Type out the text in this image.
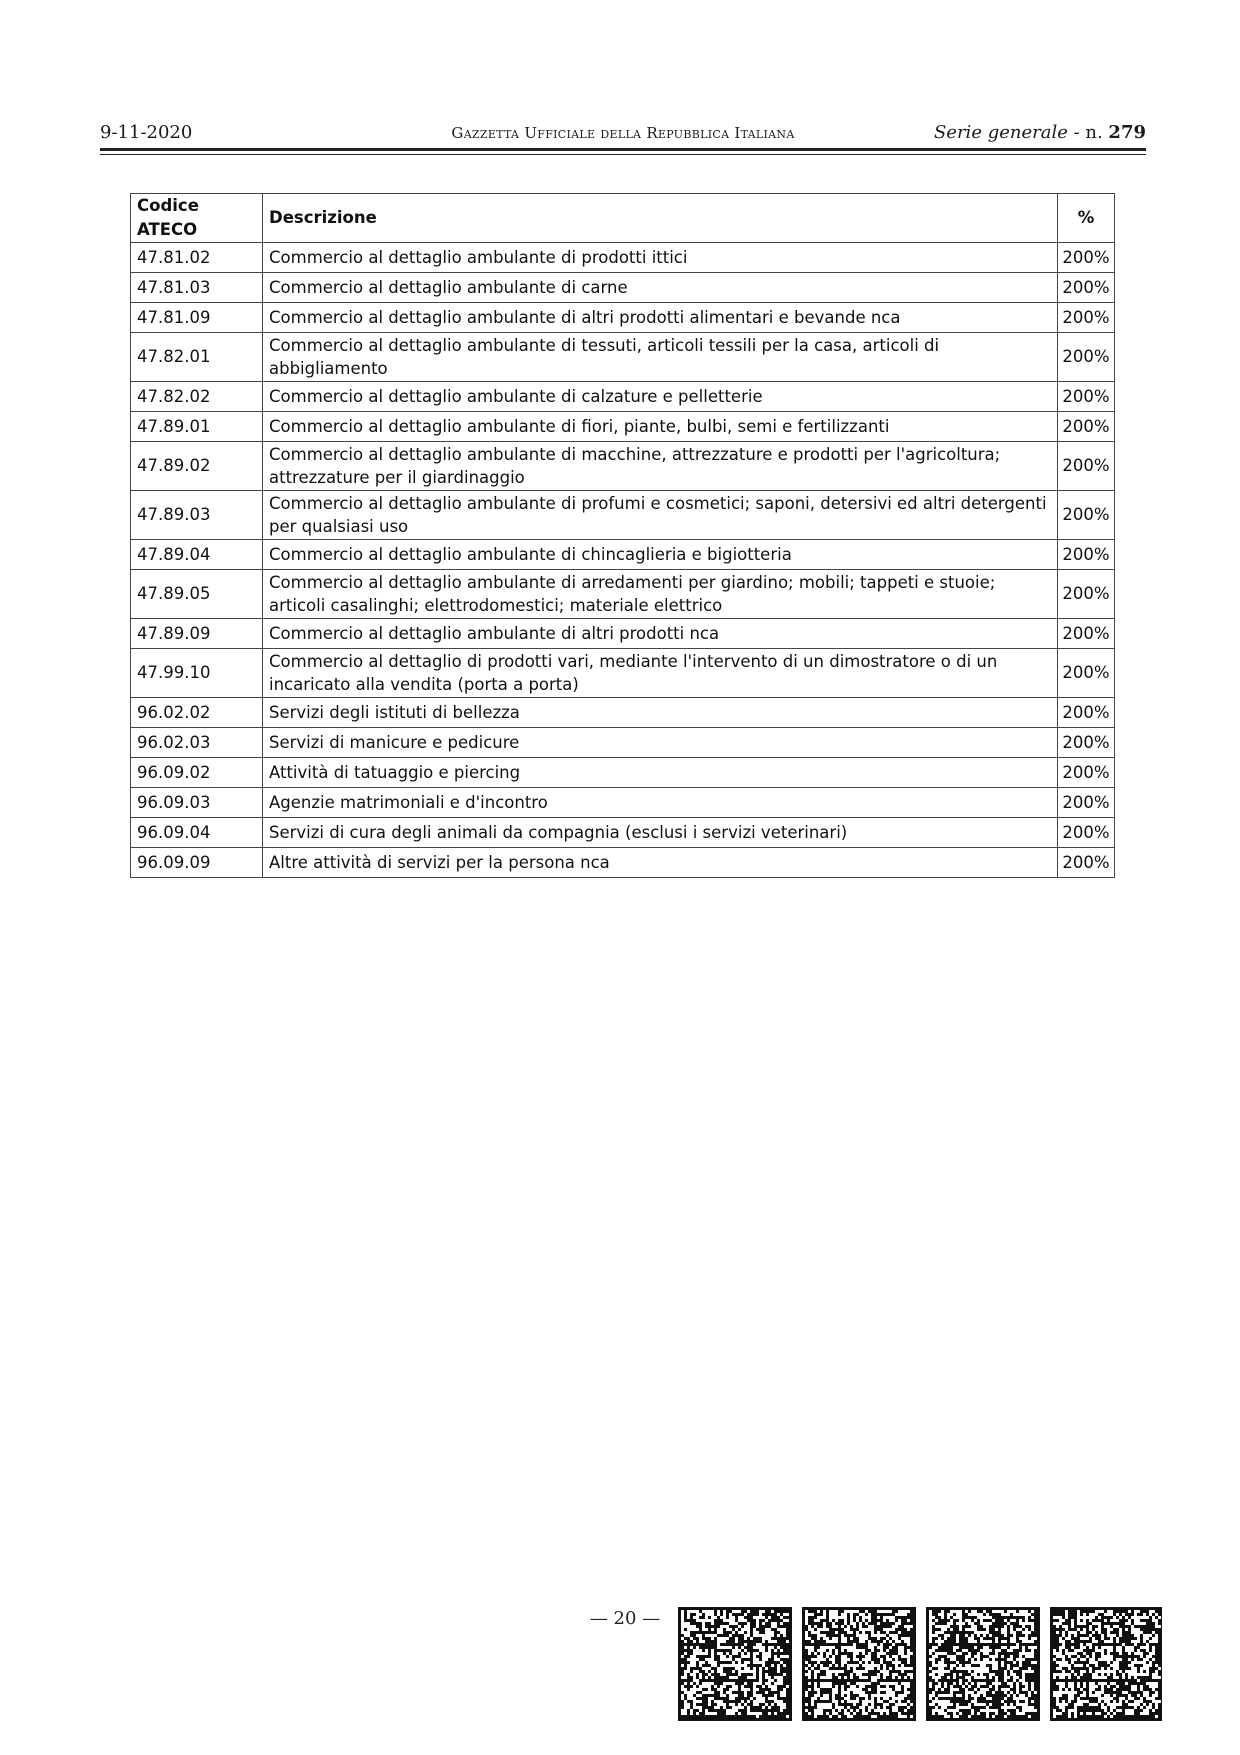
9-11-2020	Gazzetta Ufficiale della Repubblica Italiana	Serie generale - n. 279
Codice ATECO	Descrizione	%
47.81.02	Commercio al dettaglio ambulante di prodotti ittici	200%
47.81.03	Commercio al dettaglio ambulante di carne	200%
47.81.09	Commercio al dettaglio ambulante di altri prodotti alimentari e bevande nca	200%
47.82.01	Commercio al dettaglio ambulante di tessuti, articoli tessili per la casa, articoli di abbigliamento	200%
47.82.02	Commercio al dettaglio ambulante di calzature e pelletterie	200%
47.89.01	Commercio al dettaglio ambulante di fiori, piante, bulbi, semi e fertilizzanti	200%
47.89.02	Commercio al dettaglio ambulante di macchine, attrezzature e prodotti per l'agricoltura; attrezzature per il giardinaggio	200%
47.89.03	Commercio al dettaglio ambulante di profumi e cosmetici; saponi, detersivi ed altri detergenti per qualsiasi uso	200%
47.89.04	Commercio al dettaglio ambulante di chincaglieria e bigiotteria	200%
47.89.05	Commercio al dettaglio ambulante di arredamenti per giardino; mobili; tappeti e stuoie; articoli casalinghi; elettrodomestici; materiale elettrico	200%
47.89.09	Commercio al dettaglio ambulante di altri prodotti nca	200%
47.99.10	Commercio al dettaglio di prodotti vari, mediante l'intervento di un dimostratore o di un incaricato alla vendita (porta a porta)	200%
96.02.02	Servizi degli istituti di bellezza	200%
96.02.03	Servizi di manicure e pedicure	200%
96.09.02	Attività di tatuaggio e piercing	200%
96.09.03	Agenzie matrimoniali e d'incontro	200%
96.09.04	Servizi di cura degli animali da compagnia (esclusi i servizi veterinari)	200%
96.09.09	Altre attività di servizi per la persona nca	200%
— 20 —
